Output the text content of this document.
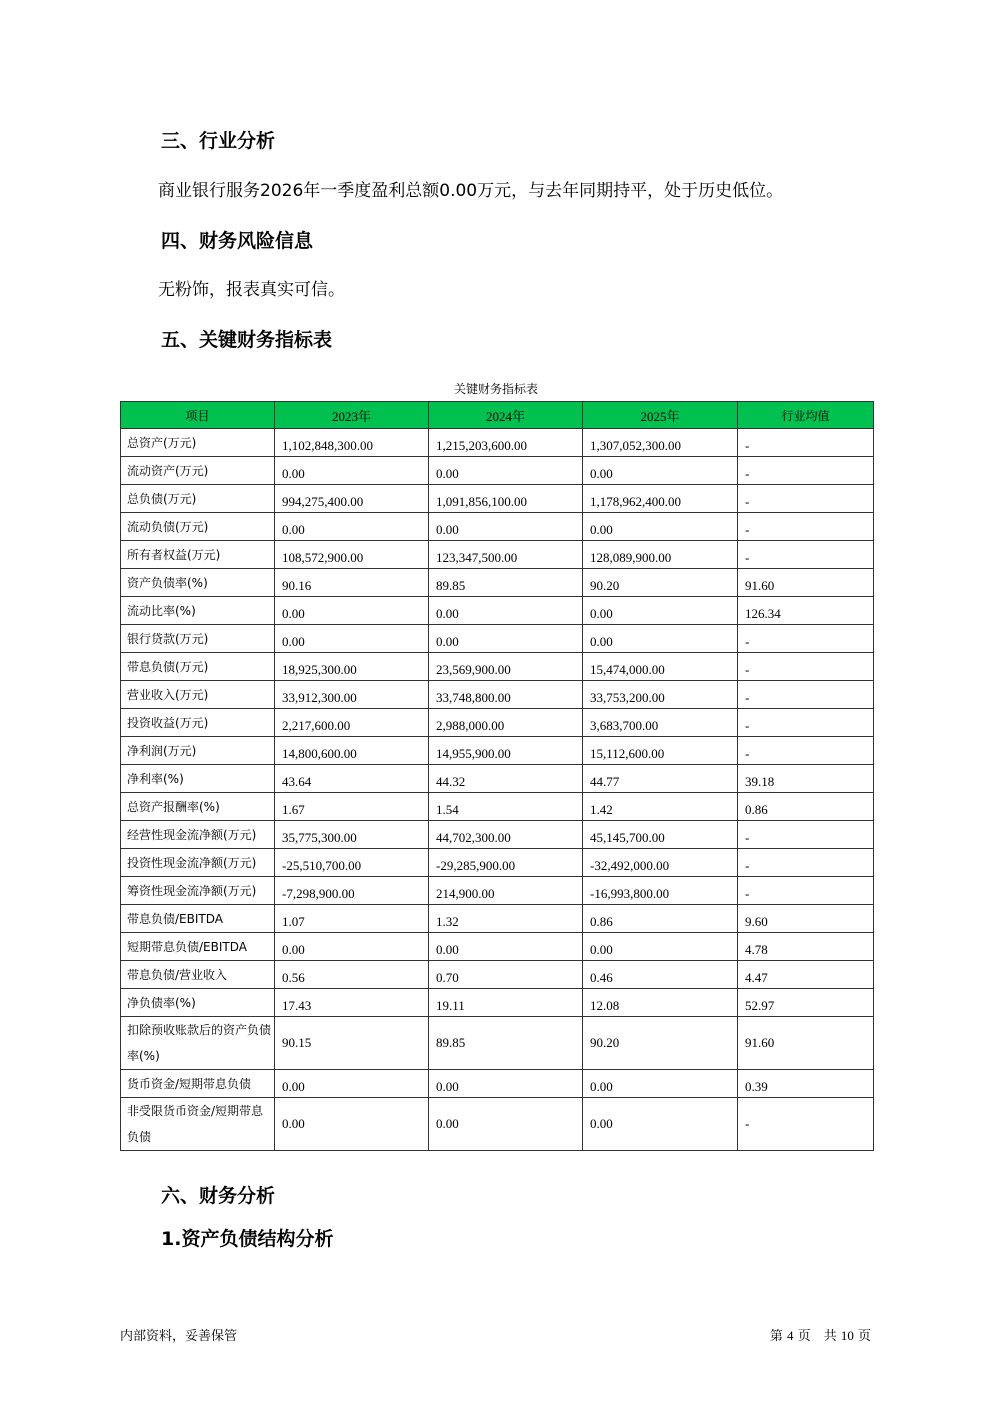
三、行业分析

商业银行服务2026年一季度盈利总额0.00万元，与去年同期持平，处于历史低位。

四、财务风险信息

无粉饰，报表真实可信。

五、关键财务指标表
关键财务指标表
项目	2023年	2024年	2025年	行业均值
总资产(万元)	1,102,848,300.00	1,215,203,600.00	1,307,052,300.00	-
流动资产(万元)	0.00	0.00	0.00	-
总负债(万元)	994,275,400.00	1,091,856,100.00	1,178,962,400.00	-
流动负债(万元)	0.00	0.00	0.00	-
所有者权益(万元)	108,572,900.00	123,347,500.00	128,089,900.00	-
资产负债率(%)	90.16	89.85	90.20	91.60
流动比率(%)	0.00	0.00	0.00	126.34
银行贷款(万元)	0.00	0.00	0.00	-
带息负债(万元)	18,925,300.00	23,569,900.00	15,474,000.00	-
营业收入(万元)	33,912,300.00	33,748,800.00	33,753,200.00	-
投资收益(万元)	2,217,600.00	2,988,000.00	3,683,700.00	-
净利润(万元)	14,800,600.00	14,955,900.00	15,112,600.00	-
净利率(%)	43.64	44.32	44.77	39.18
总资产报酬率(%)	1.67	1.54	1.42	0.86
经营性现金流净额(万元)	35,775,300.00	44,702,300.00	45,145,700.00	-
投资性现金流净额(万元)	-25,510,700.00	-29,285,900.00	-32,492,000.00	-
筹资性现金流净额(万元)	-7,298,900.00	214,900.00	-16,993,800.00	-
带息负债/EBITDA	1.07	1.32	0.86	9.60
短期带息负债/EBITDA	0.00	0.00	0.00	4.78
带息负债/营业收入	0.56	0.70	0.46	4.47
净负债率(%)	17.43	19.11	12.08	52.97
扣除预收账款后的资产负债率(%)	90.15	89.85	90.20	91.60
货币资金/短期带息负债	0.00	0.00	0.00	0.39
非受限货币资金/短期带息负债	0.00	0.00	0.00	-
六、财务分析
1.资产负债结构分析
内部资料，妥善保管	第 4 页　共 10 页
